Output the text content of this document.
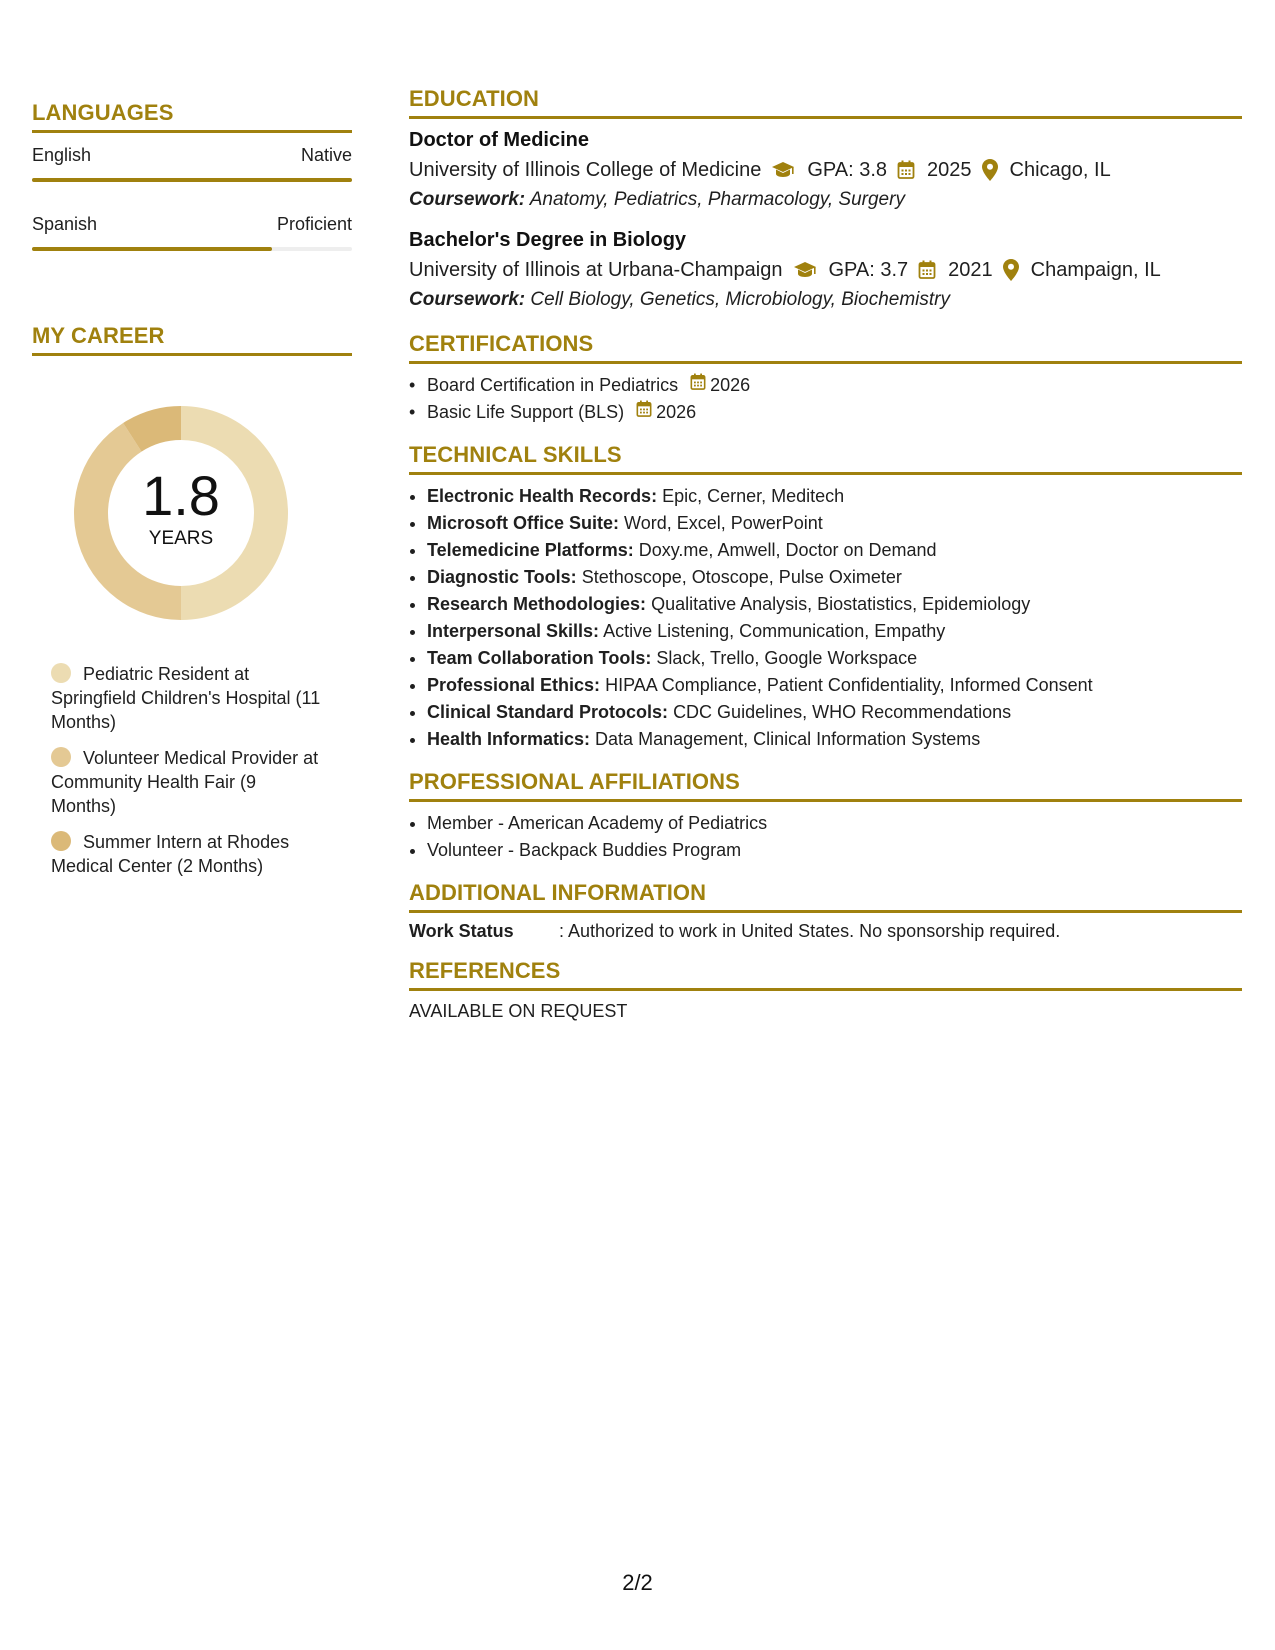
LANGUAGES
English	Native
Spanish	Proficient
MY CAREER
1.8
YEARS
Pediatric Resident at Springfield Children's Hospital (11 Months)
Volunteer Medical Provider at Community Health Fair (9 Months)
Summer Intern at Rhodes Medical Center (2 Months)
EDUCATION
Doctor of Medicine
University of Illinois College of Medicine GPA: 3.8 2025 Chicago, IL
Coursework: Anatomy, Pediatrics, Pharmacology, Surgery
Bachelor's Degree in Biology
University of Illinois at Urbana-Champaign GPA: 3.7 2021 Champaign, IL
Coursework: Cell Biology, Genetics, Microbiology, Biochemistry
CERTIFICATIONS
• Board Certification in Pediatrics 2026
• Basic Life Support (BLS) 2026
TECHNICAL SKILLS
• Electronic Health Records: Epic, Cerner, Meditech
• Microsoft Office Suite: Word, Excel, PowerPoint
• Telemedicine Platforms: Doxy.me, Amwell, Doctor on Demand
• Diagnostic Tools: Stethoscope, Otoscope, Pulse Oximeter
• Research Methodologies: Qualitative Analysis, Biostatistics, Epidemiology
• Interpersonal Skills: Active Listening, Communication, Empathy
• Team Collaboration Tools: Slack, Trello, Google Workspace
• Professional Ethics: HIPAA Compliance, Patient Confidentiality, Informed Consent
• Clinical Standard Protocols: CDC Guidelines, WHO Recommendations
• Health Informatics: Data Management, Clinical Information Systems
PROFESSIONAL AFFILIATIONS
• Member - American Academy of Pediatrics
• Volunteer - Backpack Buddies Program
ADDITIONAL INFORMATION
Work Status	: Authorized to work in United States. No sponsorship required.
REFERENCES
AVAILABLE ON REQUEST
2/2
